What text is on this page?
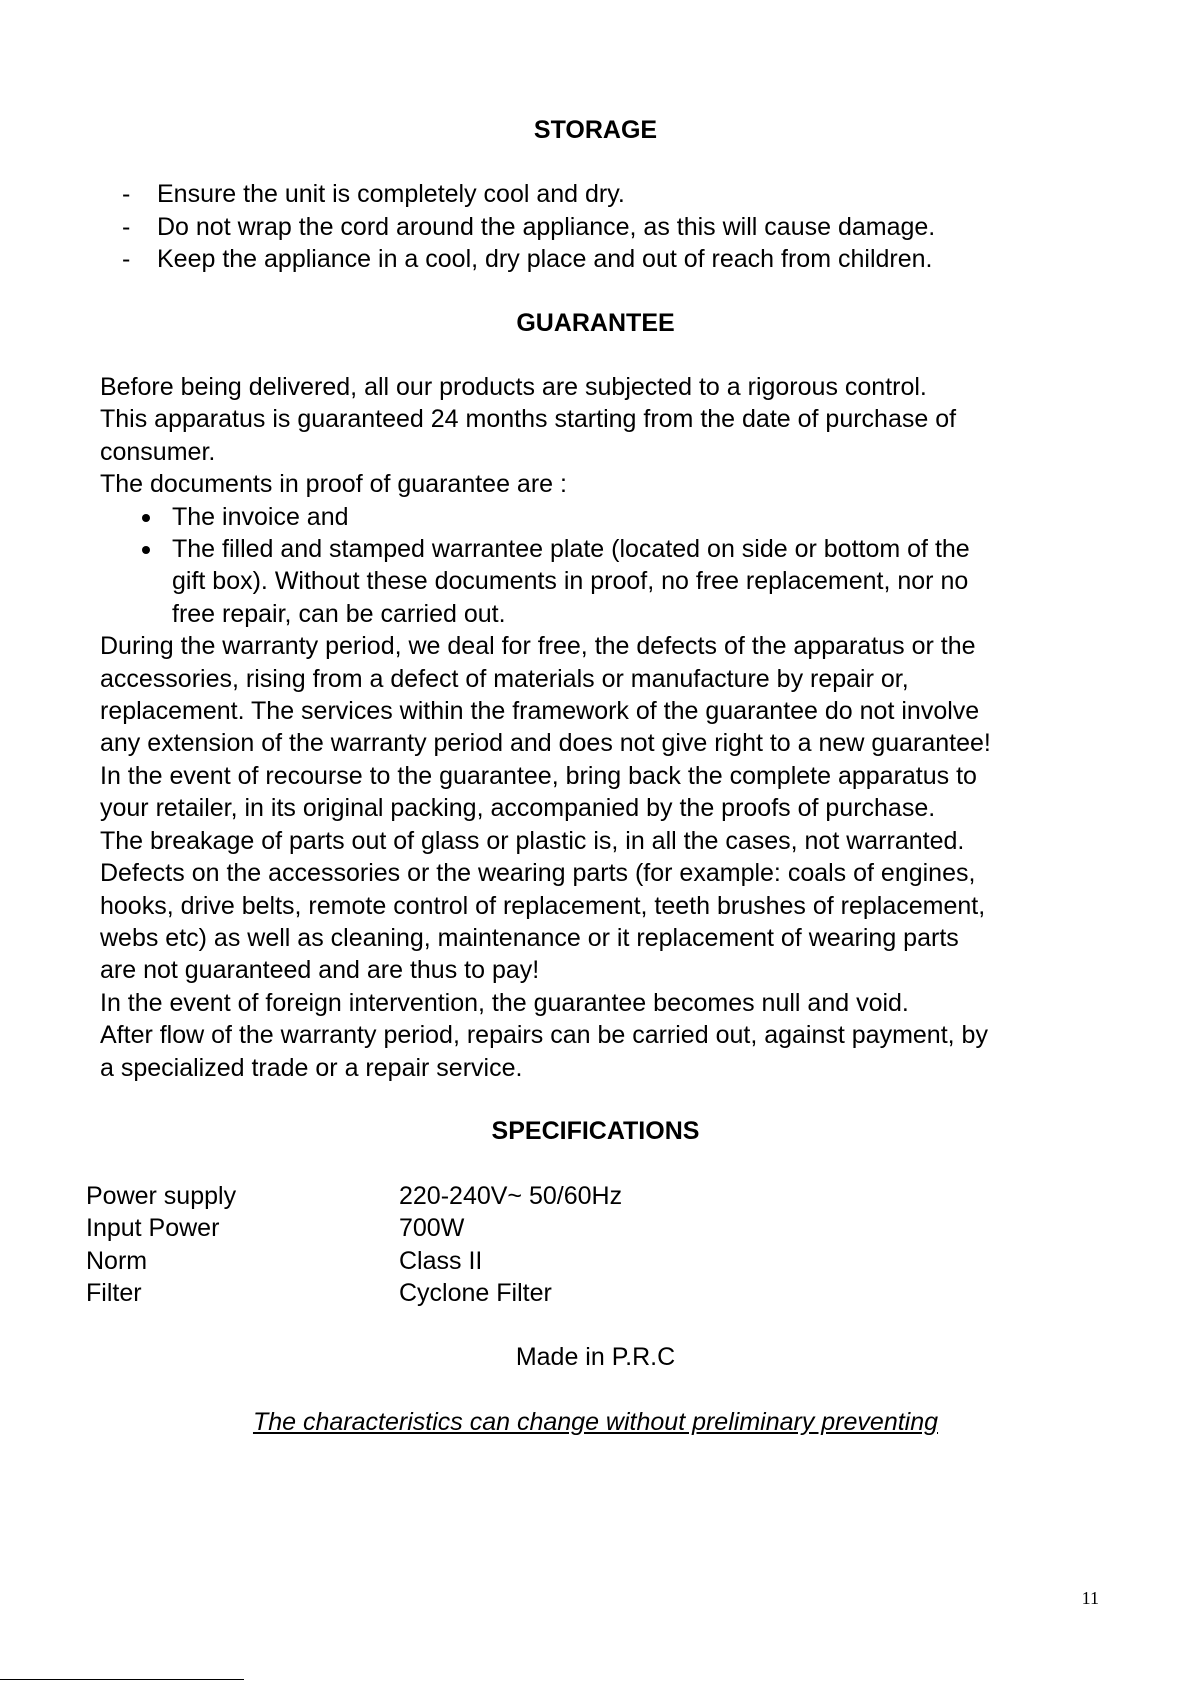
STORAGE
- Ensure the unit is completely cool and dry.
- Do not wrap the cord around the appliance, as this will cause damage.
- Keep the appliance in a cool, dry place and out of reach from children.
GUARANTEE

Before being delivered, all our products are subjected to a rigorous control.

This apparatus is guaranteed 24 months starting from the date of purchase of

consumer.

The documents in proof of guarantee are :

The invoice and
The filled and stamped warrantee plate (located on side or bottom of the
gift box). Without these documents in proof, no free replacement, nor no
free repair, can be carried out.

During the warranty period, we deal for free, the defects of the apparatus or the

accessories, rising from a defect of materials or manufacture by repair or,

replacement. The services within the framework of the guarantee do not involve

any extension of the warranty period and does not give right to a new guarantee!

In the event of recourse to the guarantee, bring back the complete apparatus to

your retailer, in its original packing, accompanied by the proofs of purchase.

The breakage of parts out of glass or plastic is, in all the cases, not warranted.

Defects on the accessories or the wearing parts (for example: coals of engines,

hooks, drive belts, remote control of replacement, teeth brushes of replacement,

webs etc) as well as cleaning, maintenance or it replacement of wearing parts

are not guaranteed and are thus to pay!

In the event of foreign intervention, the guarantee becomes null and void.

After flow of the warranty period, repairs can be carried out, against payment, by

a specialized trade or a repair service.

SPECIFICATIONS
Power supply	220-240V~ 50/60Hz
Input Power	700W
Norm	Class II
Filter	Cyclone Filter
Made in P.R.C
The characteristics can change without preliminary preventing
11
